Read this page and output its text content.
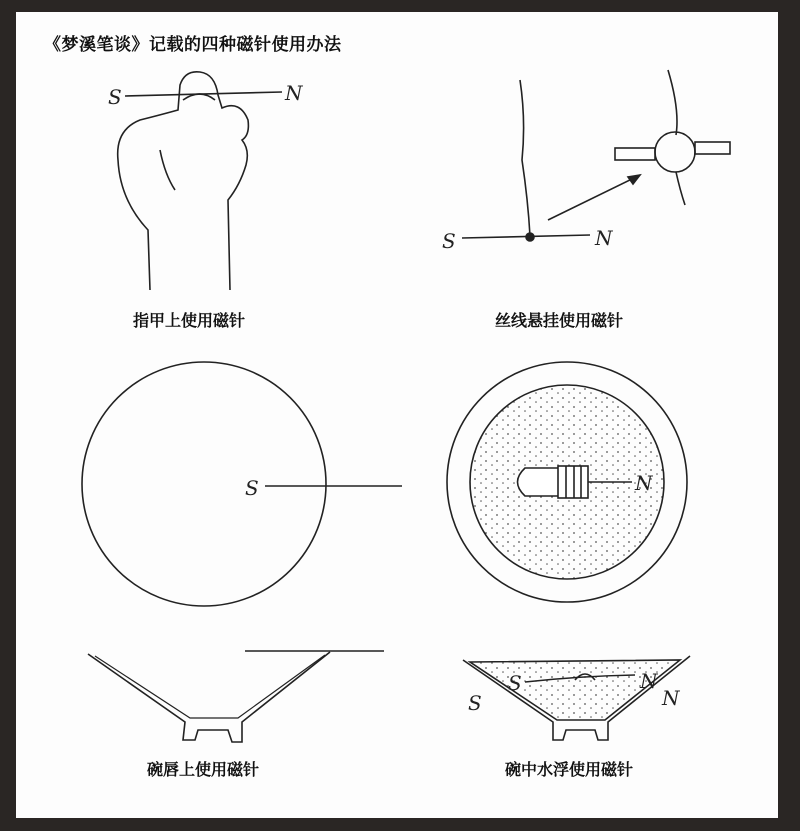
《梦溪笔谈》记载的四种磁针使用办法
S	N
S	N
S	N
S
S	N
N
指甲上使用磁针	丝线悬挂使用磁针
碗唇上使用磁针	碗中水浮使用磁针
